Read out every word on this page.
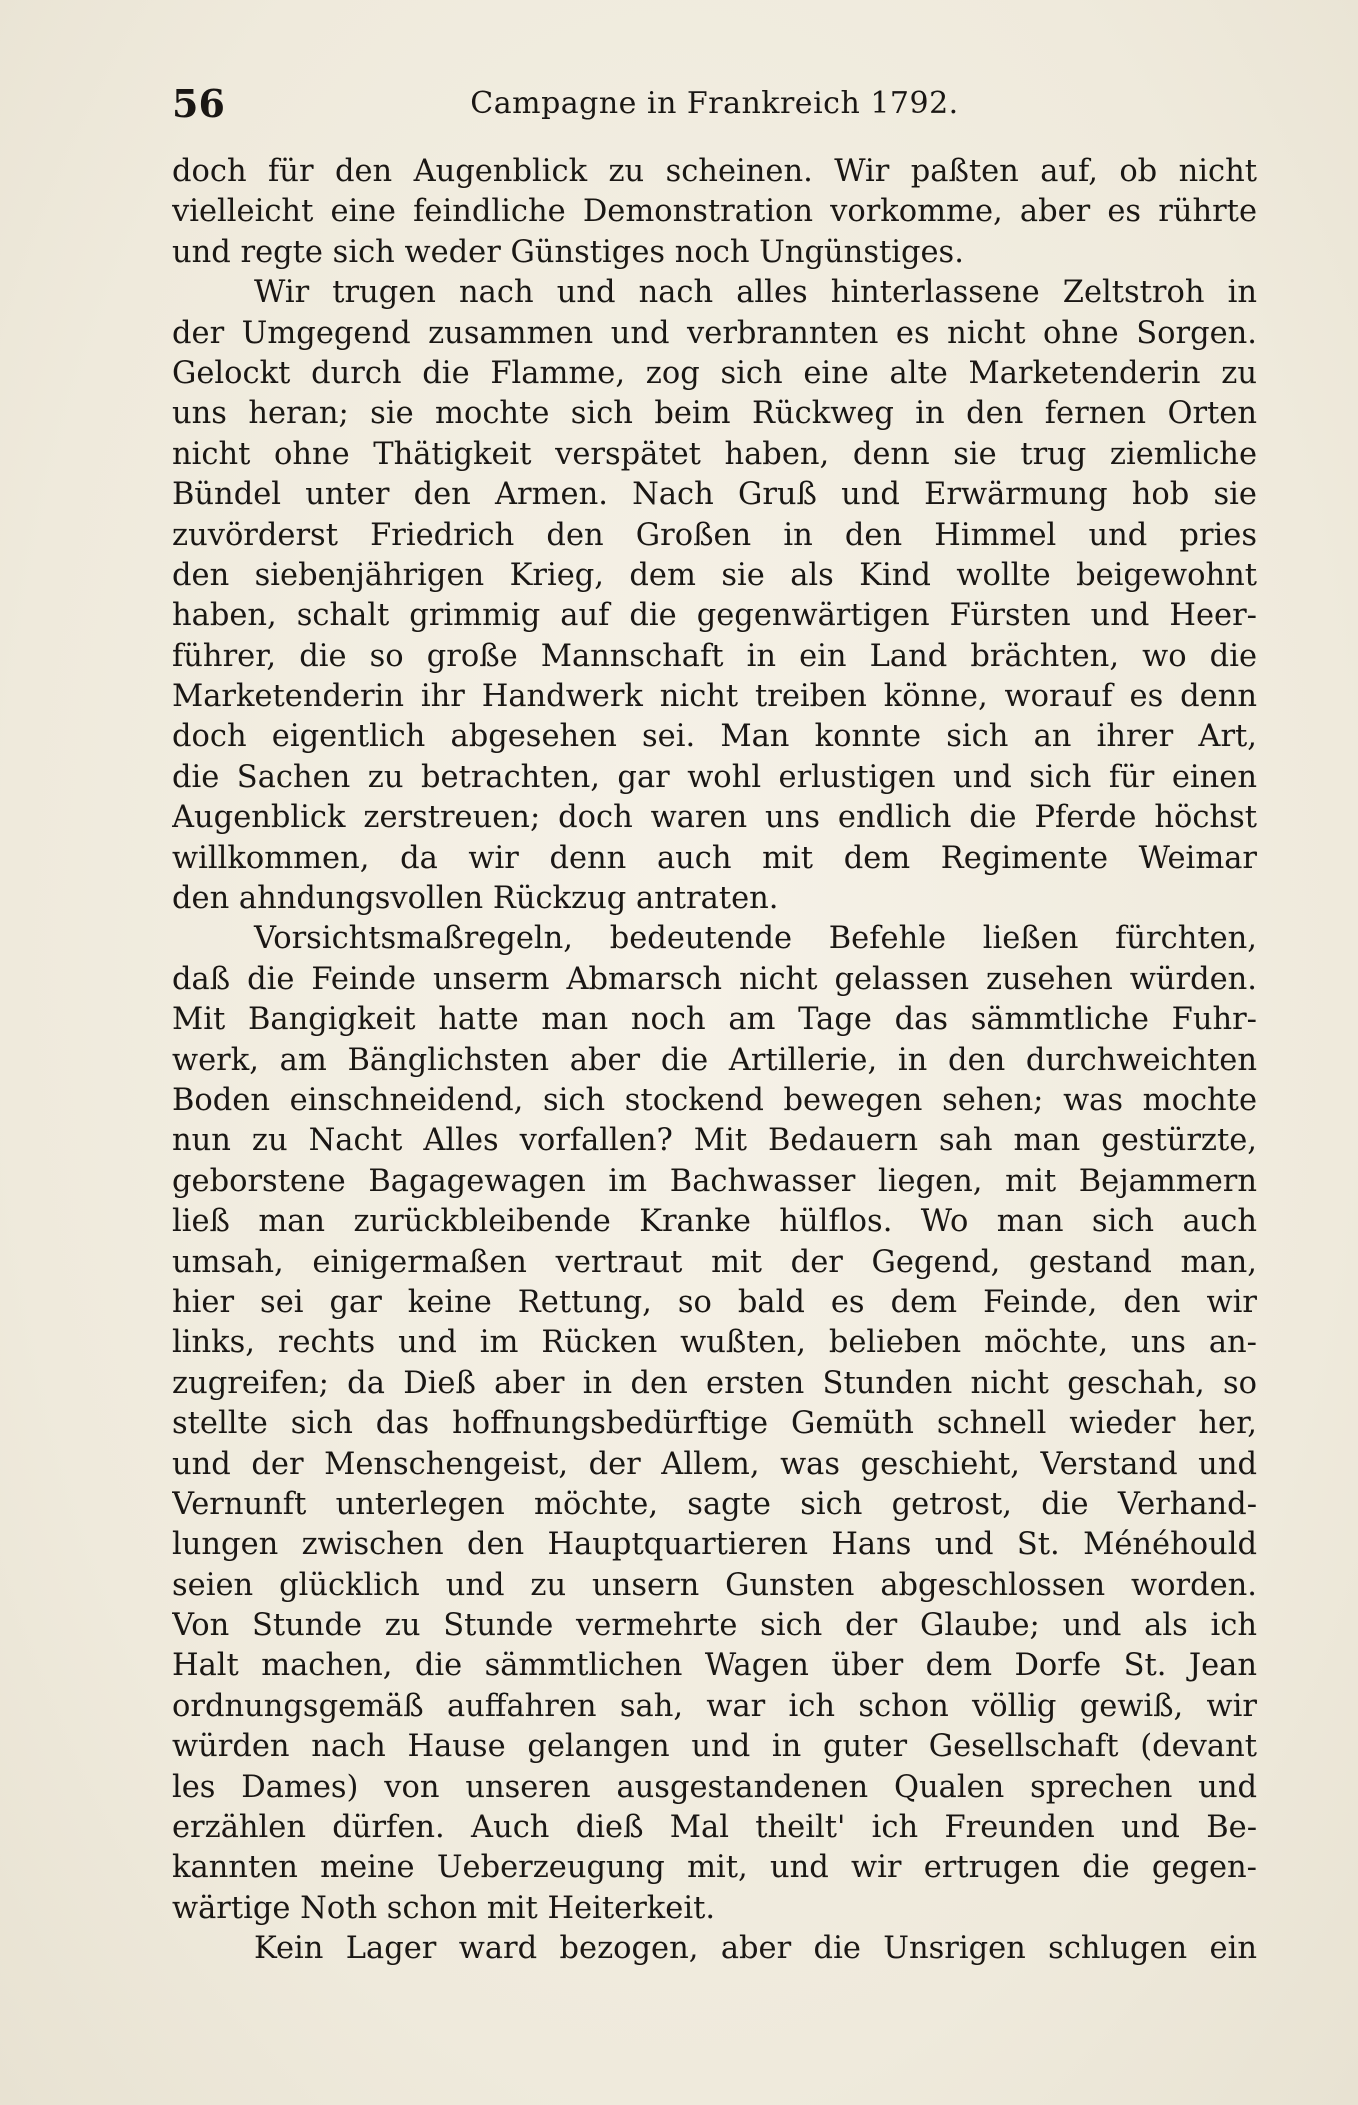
56	Campagne in Frankreich 1792.
doch für den Augenblick zu scheinen. Wir paßten auf, ob nicht
vielleicht eine feindliche Demonstration vorkomme, aber es rührte
und regte sich weder Günstiges noch Ungünstiges.
Wir trugen nach und nach alles hinterlassene Zeltstroh in
der Umgegend zusammen und verbrannten es nicht ohne Sorgen.
Gelockt durch die Flamme, zog sich eine alte Marketenderin zu
uns heran; sie mochte sich beim Rückweg in den fernen Orten
nicht ohne Thätigkeit verspätet haben, denn sie trug ziemliche
Bündel unter den Armen. Nach Gruß und Erwärmung hob sie
zuvörderst Friedrich den Großen in den Himmel und pries
den siebenjährigen Krieg, dem sie als Kind wollte beigewohnt
haben, schalt grimmig auf die gegenwärtigen Fürsten und Heer-
führer, die so große Mannschaft in ein Land brächten, wo die
Marketenderin ihr Handwerk nicht treiben könne, worauf es denn
doch eigentlich abgesehen sei. Man konnte sich an ihrer Art,
die Sachen zu betrachten, gar wohl erlustigen und sich für einen
Augenblick zerstreuen; doch waren uns endlich die Pferde höchst
willkommen, da wir denn auch mit dem Regimente Weimar
den ahndungsvollen Rückzug antraten.
Vorsichtsmaßregeln, bedeutende Befehle ließen fürchten,
daß die Feinde unserm Abmarsch nicht gelassen zusehen würden.
Mit Bangigkeit hatte man noch am Tage das sämmtliche Fuhr-
werk, am Bänglichsten aber die Artillerie, in den durchweichten
Boden einschneidend, sich stockend bewegen sehen; was mochte
nun zu Nacht Alles vorfallen? Mit Bedauern sah man gestürzte,
geborstene Bagagewagen im Bachwasser liegen, mit Bejammern
ließ man zurückbleibende Kranke hülflos. Wo man sich auch
umsah, einigermaßen vertraut mit der Gegend, gestand man,
hier sei gar keine Rettung, so bald es dem Feinde, den wir
links, rechts und im Rücken wußten, belieben möchte, uns an-
zugreifen; da Dieß aber in den ersten Stunden nicht geschah, so
stellte sich das hoffnungsbedürftige Gemüth schnell wieder her,
und der Menschengeist, der Allem, was geschieht, Verstand und
Vernunft unterlegen möchte, sagte sich getrost, die Verhand-
lungen zwischen den Hauptquartieren Hans und St. Ménéhould
seien glücklich und zu unsern Gunsten abgeschlossen worden.
Von Stunde zu Stunde vermehrte sich der Glaube; und als ich
Halt machen, die sämmtlichen Wagen über dem Dorfe St. Jean
ordnungsgemäß auffahren sah, war ich schon völlig gewiß, wir
würden nach Hause gelangen und in guter Gesellschaft (devant
les Dames) von unseren ausgestandenen Qualen sprechen und
erzählen dürfen. Auch dieß Mal theilt' ich Freunden und Be-
kannten meine Ueberzeugung mit, und wir ertrugen die gegen-
wärtige Noth schon mit Heiterkeit.
Kein Lager ward bezogen, aber die Unsrigen schlugen ein
